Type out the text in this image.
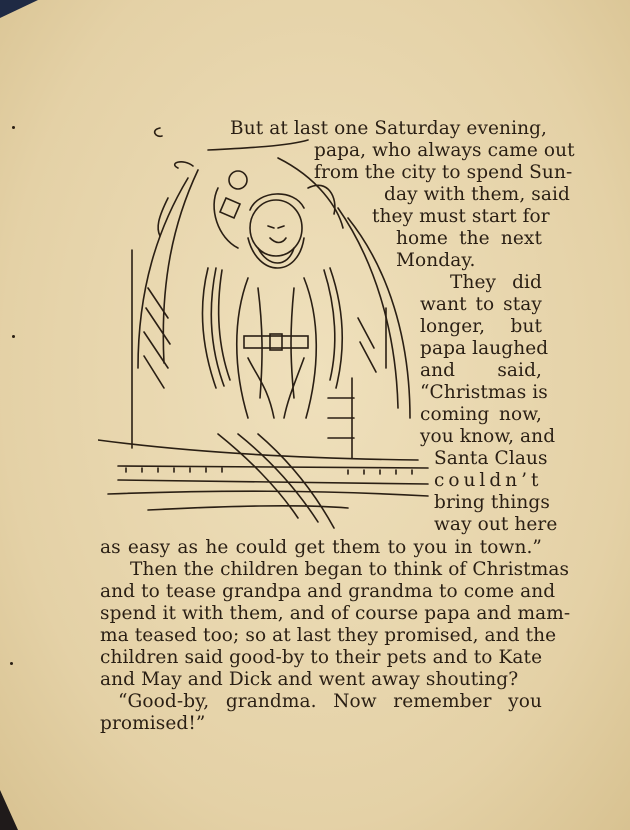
But at last one Saturday evening,
papa, who always came out
from the city to spend Sun-
day with them, said
they must start for
home the next
Monday.
They did
want to stay
longer, but
papa laughed
and said,
“Christmas is
coming now,
you know, and
Santa Claus
couldn’t
bring things
way out here
as easy as he could get them to you in town.”
Then the children began to think of Christmas
and to tease grandpa and grandma to come and
spend it with them, and of course papa and mam-
ma teased too; so at last they promised, and the
children said good-by to their pets and to Kate
and May and Dick and went away shouting?
“Good-by, grandma. Now remember you
promised!”
